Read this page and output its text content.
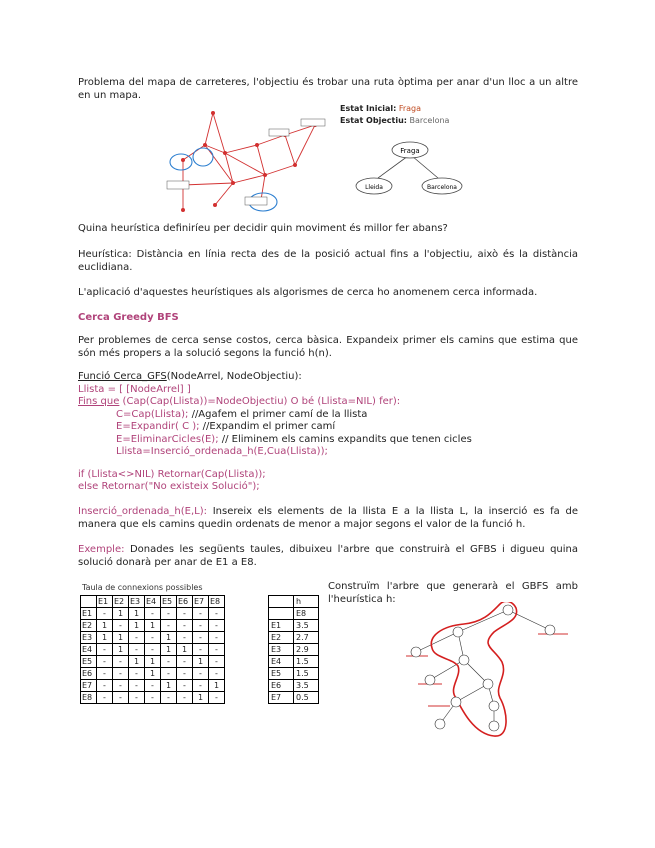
Problema del mapa de carreteres, l'objectiu és trobar una ruta òptima per anar d'un lloc a un altre en un mapa.
Estat Inicial: Fraga
Estat Objectiu: Barcelona
Fraga
Lleida	Barcelona
Quina heurística definiríeu per decidir quin moviment és millor fer abans?
Heurística: Distància en línia recta des de la posició actual fins a l'objectiu, això és la distància euclidiana.
L'aplicació d'aquestes heurístiques als algorismes de cerca ho anomenem cerca informada.
Cerca Greedy BFS
Per problemes de cerca sense costos, cerca bàsica. Expandeix primer els camins que estima que són més propers a la solució segons la funció h(n).
Funció Cerca_GFS(NodeArrel, NodeObjectiu):
Llista = [ [NodeArrel] ]
Fins que (Cap(Cap(Llista))=NodeObjectiu) O bé (Llista=NIL) fer):
C=Cap(Llista); //Agafem el primer camí de la llista
E=Expandir( C ); //Expandim el primer camí
E=EliminarCicles(E); // Eliminem els camins expandits que tenen cicles
Llista=Inserció_ordenada_h(E,Cua(Llista));
if (Llista<>NIL) Retornar(Cap(Llista));
else Retornar("No existeix Solució");
Inserció_ordenada_h(E,L): Insereix els elements de la llista E a la llista L, la inserció es fa de manera que els camins quedin ordenats de menor a major segons el valor de la funció h.
Exemple: Donades les següents taules, dibuixeu l'arbre que construirà el GFBS i digueu quina solució donarà per anar de E1 a E8.
Taula de connexions possibles
	E1	E2	E3	E4	E5	E6	E7	E8
E1	-	1	1	-	-	-	-	-
E2	1	-	1	1	-	-	-	-
E3	1	1	-	-	1	-	-	-
E4	-	1	-	-	1	1	-	-
E5	-	-	1	1	-	-	1	-
E6	-	-	-	1	-	-	-	-
E7	-	-	-	-	1	-	-	1
E8	-	-	-	-	-	-	1	-
	h
	E8
E1	3.5
E2	2.7
E3	2.9
E4	1.5
E5	1.5
E6	3.5
E7	0.5
Construïm l'arbre que generarà el GBFS amb l'heurística h:
